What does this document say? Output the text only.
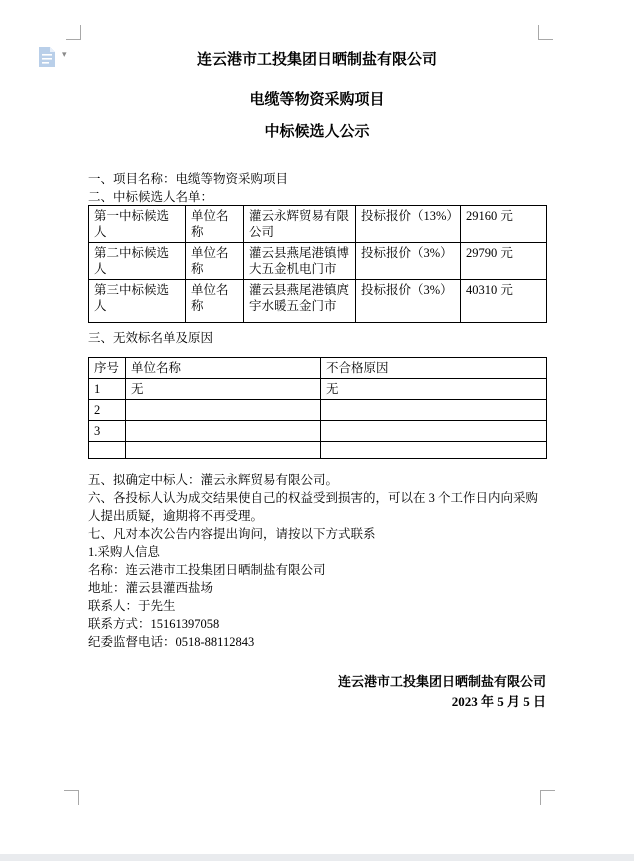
▾	连云港市工投集团日晒制盐有限公司
电缆等物资采购项目
中标候选人公示
一、项目名称：电缆等物资采购项目
二、中标候选人名单：
第一中标候选人	单位名称	灌云永辉贸易有限公司	投标报价（13%）	29160 元
第二中标候选人	单位名称	灌云县燕尾港镇博大五金机电门市	投标报价（3%）	29790 元
第三中标候选人	单位名称	灌云县燕尾港镇庹宇水暖五金门市	投标报价（3%）	40310 元
三、无效标名单及原因
序号	单位名称	不合格原因
1	无	无
2		
3		

五、拟确定中标人：灌云永辉贸易有限公司。

六、各投标人认为成交结果使自己的权益受到损害的，可以在 3 个工作日内向采购人提出质疑，逾期将不再受理。

七、凡对本次公告内容提出询问，请按以下方式联系

1.采购人信息

名称：连云港市工投集团日晒制盐有限公司

地址：灌云县灌西盐场

联系人：于先生

联系方式：15161397058

纪委监督电话：0518-88112843

连云港市工投集团日晒制盐有限公司

2023 年 5 月 5 日
